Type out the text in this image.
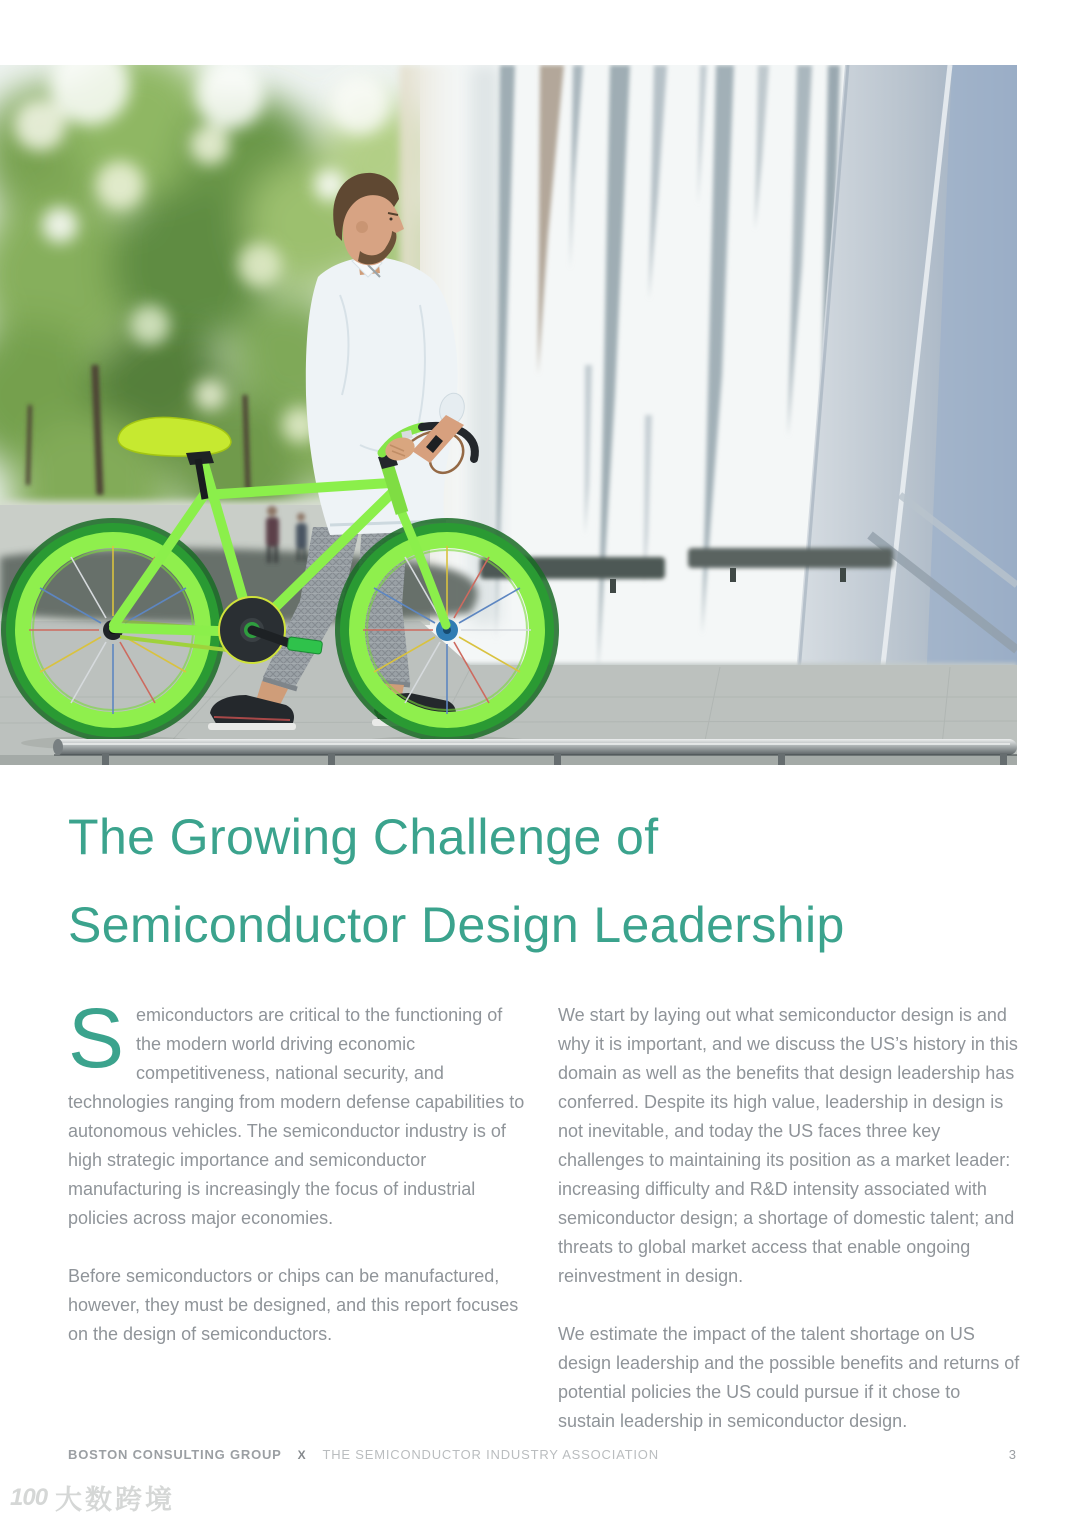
The Growing Challenge of
Semiconductor Design Leadership

Semiconductors are critical to the functioning of the modern world driving economic competitiveness, national security, and technologies ranging from modern defense capabilities to autonomous vehicles. The semiconductor industry is of high strategic importance and semiconductor manufacturing is increasingly the focus of industrial policies across major economies.

Before semiconductors or chips can be manufactured, however, they must be designed, and this report focuses on the design of semiconductors.

We start by laying out what semiconductor design is and why it is important, and we discuss the US’s history in this domain as well as the benefits that design leadership has conferred. Despite its high value, leadership in design is not inevitable, and today the US faces three key challenges to maintaining its position as a market leader: increasing difficulty and R&D intensity associated with semiconductor design; a shortage of domestic talent; and threats to global market access that enable ongoing reinvestment in design.

We estimate the impact of the talent shortage on US design leadership and the possible benefits and returns of potential policies the US could pursue if it chose to sustain leadership in semiconductor design.

BOSTON CONSULTING GROUP X THE SEMICONDUCTOR INDUSTRY ASSOCIATION	3
100 大数跨境
